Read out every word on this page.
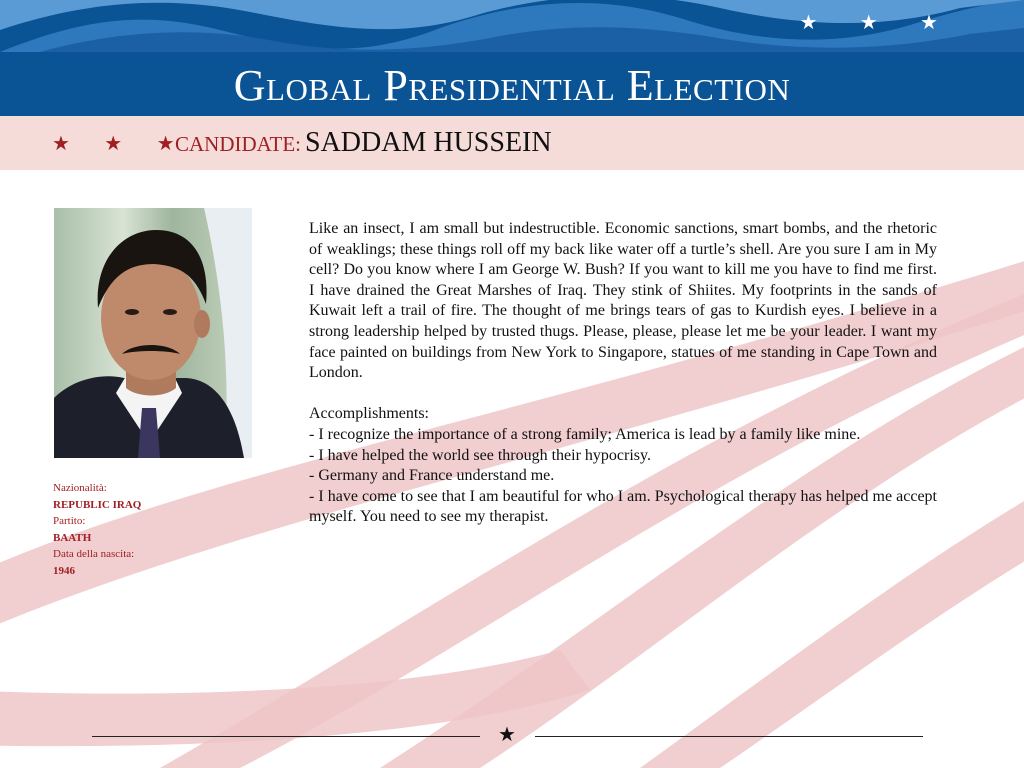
★ ★ ★
Global Presidential Election
★ ★ ★
CANDIDATE: SADDAM HUSSEIN
Nazionalità:
REPUBLIC IRAQ
Partito:
BAATH
Data della nascita:
1946

Like an insect, I am small but indestructible. Economic sanctions, smart bombs, and the rhetoric of weaklings; these things roll off my back like water off a turtle’s shell. Are you sure I am in My cell? Do you know where I am George W. Bush? If you want to kill me you have to find me first. I have drained the Great Marshes of Iraq. They stink of Shiites. My footprints in the sands of Kuwait left a trail of fire. The thought of me brings tears of gas to Kurdish eyes. I believe in a strong leadership helped by trusted thugs. Please, please, please let me be your leader. I want my face painted on buildings from New York to Singapore, statues of me standing in Cape Town and London.

Accomplishments:
- I recognize the importance of a strong family; America is lead by a family like mine.
- I have helped the world see through their hypocrisy.
- Germany and France understand me.
- I have come to see that I am beautiful for who I am. Psychological therapy has helped me accept myself. You need to see my therapist.
★
